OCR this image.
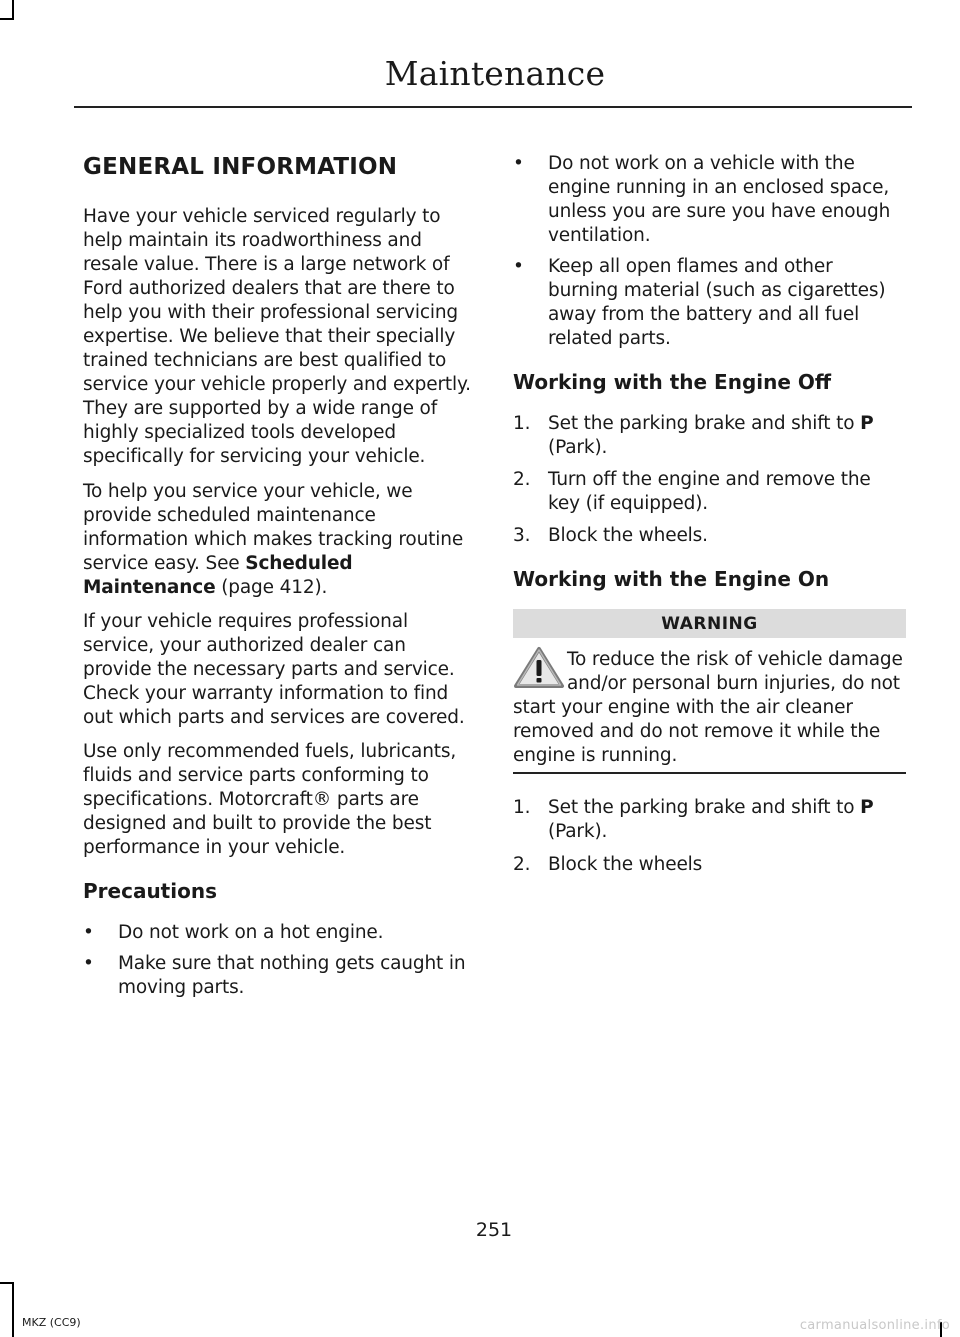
Maintenance
GENERAL INFORMATION

Have your vehicle serviced regularly to help maintain its roadworthiness and resale value. There is a large network of Ford authorized dealers that are there to help you with their professional servicing expertise. We believe that their specially trained technicians are best qualified to service your vehicle properly and expertly. They are supported by a wide range of highly specialized tools developed specifically for servicing your vehicle.

To help you service your vehicle, we provide scheduled maintenance information which makes tracking routine service easy. See Scheduled Maintenance (page 412).

If your vehicle requires professional service, your authorized dealer can provide the necessary parts and service. Check your warranty information to find out which parts and services are covered.

Use only recommended fuels, lubricants, fluids and service parts conforming to specifications. Motorcraft® parts are designed and built to provide the best performance in your vehicle.

Precautions
• Do not work on a hot engine.
• Make sure that nothing gets caught in moving parts.
• Do not work on a vehicle with the engine running in an enclosed space, unless you are sure you have enough ventilation.
• Keep all open flames and other burning material (such as cigarettes) away from the battery and all fuel related parts.
Working with the Engine Off
1. Set the parking brake and shift to P (Park).
2. Turn off the engine and remove the key (if equipped).
3. Block the wheels.
Working with the Engine On
WARNING
To reduce the risk of vehicle damage
and/or personal burn injuries, do not
start your engine with the air cleaner removed and do not remove it while the engine is running.
1. Set the parking brake and shift to P (Park).
2. Block the wheels
251
MKZ (CC9)	carmanualsonline.info
